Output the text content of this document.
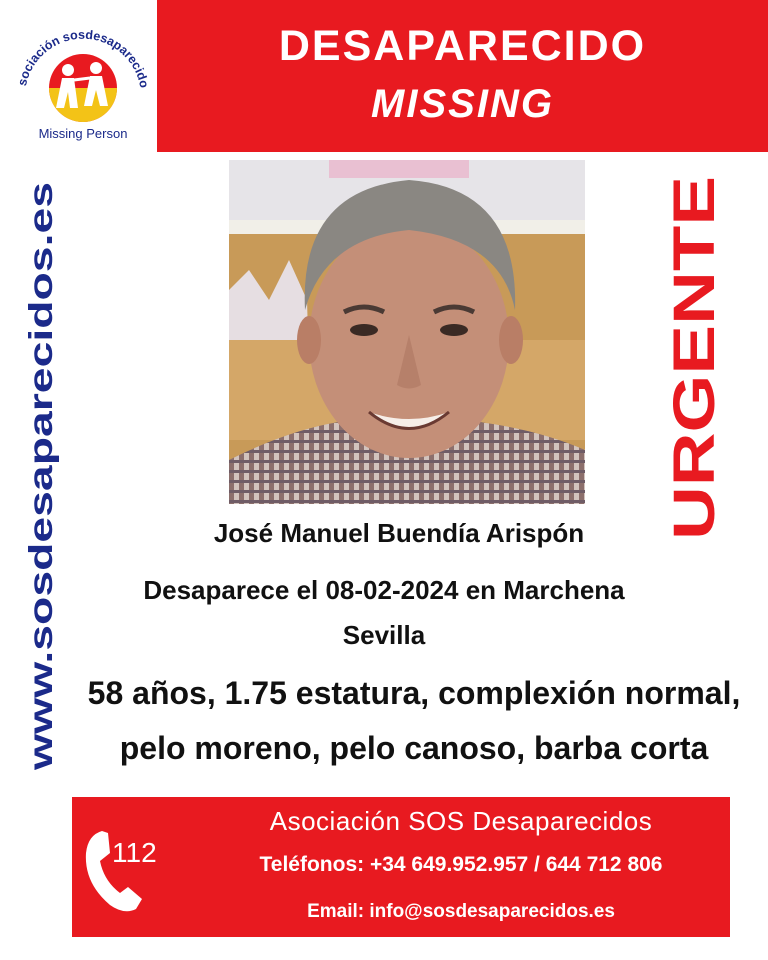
sociación sosdesaparecido
Missing Person
DESAPARECIDO
MISSING
www.sosdesaparecidos.es	URGENTE
José Manuel Buendía Arispón
Desaparece el 08-02-2024 en Marchena
Sevilla
58 años, 1.75 estatura, complexión normal,
pelo moreno, pelo canoso, barba corta
112
Asociación SOS Desaparecidos
Teléfonos: +34 649.952.957 / 644 712 806
Email: info@sosdesaparecidos.es
